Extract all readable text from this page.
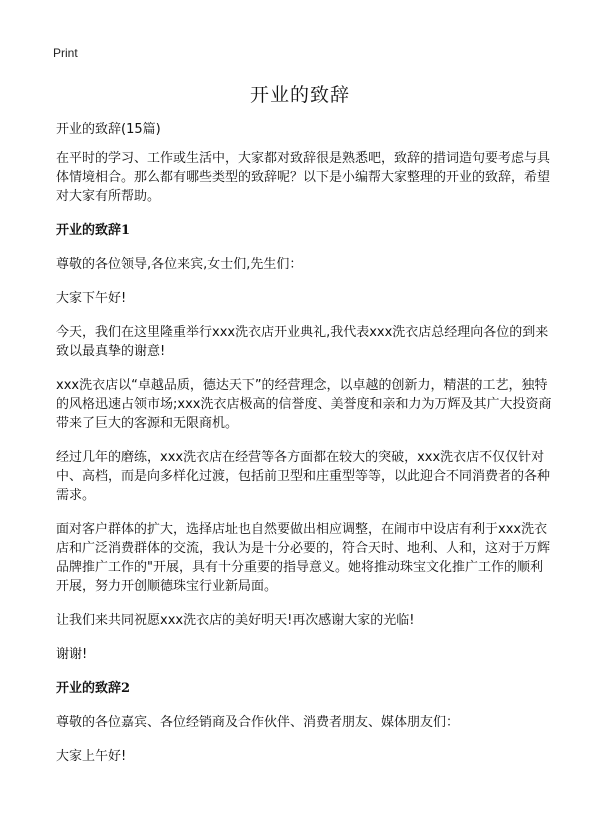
Print
开业的致辞

开业的致辞(15篇)

在平时的学习、工作或生活中，大家都对致辞很是熟悉吧，致辞的措词造句要考虑与具体情境相合。那么都有哪些类型的致辞呢？以下是小编帮大家整理的开业的致辞，希望对大家有所帮助。

开业的致辞1

尊敬的各位领导,各位来宾,女士们,先生们：

大家下午好!

今天，我们在这里隆重举行xxx洗衣店开业典礼,我代表xxx洗衣店总经理向各位的到来致以最真挚的谢意!

xxx洗衣店以“卓越品质，德达天下”的经营理念，以卓越的创新力，精湛的工艺，独特的风格迅速占领市场;xxx洗衣店极高的信誉度、美誉度和亲和力为万辉及其广大投资商带来了巨大的客源和无限商机。

经过几年的磨练，xxx洗衣店在经营等各方面都在较大的突破，xxx洗衣店不仅仅针对中、高档，而是向多样化过渡，包括前卫型和庄重型等等，以此迎合不同消费者的各种需求。

面对客户群体的扩大，选择店址也自然要做出相应调整，在闹市中设店有利于xxx洗衣店和广泛消费群体的交流，我认为是十分必要的，符合天时、地利、人和，这对于万辉品牌推广工作的"开展，具有十分重要的指导意义。她将推动珠宝文化推广工作的顺利开展，努力开创顺德珠宝行业新局面。

让我们来共同祝愿xxx洗衣店的美好明天!再次感谢大家的光临!

谢谢!

开业的致辞2

尊敬的各位嘉宾、各位经销商及合作伙伴、消费者朋友、媒体朋友们：

大家上午好!
